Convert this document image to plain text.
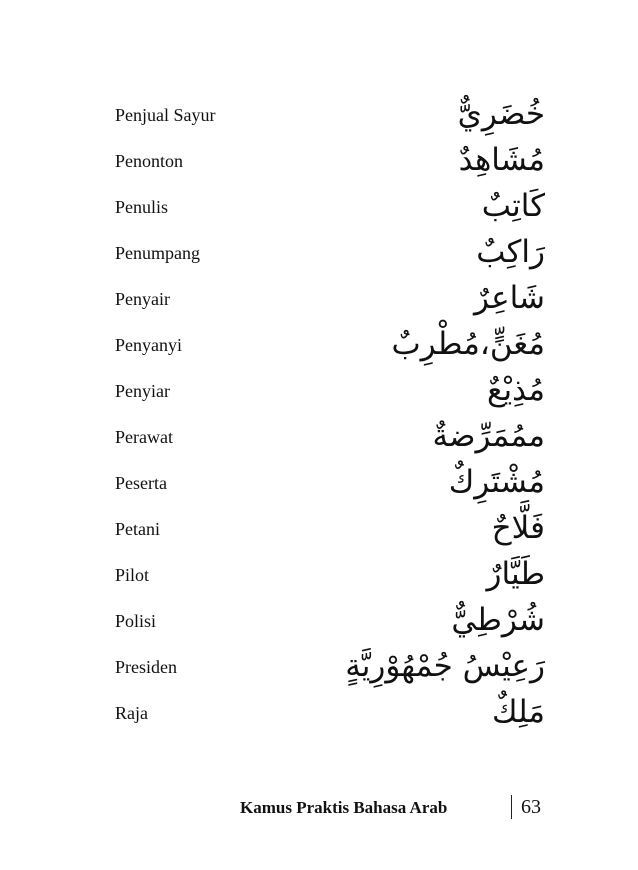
Penjual Sayur	خُضَرِيٌّ
Penonton	مُشَاهِدٌ
Penulis	كَاتِبٌ
Penumpang	رَاكِبٌ
Penyair	شَاعِرٌ
Penyanyi	مُغَنٍّ،مُطْرِبٌ
Penyiar	مُذِيْعٌ
Perawat	ممُمَرِّضةٌ
Peserta	مُشْتَرِكٌ
Petani	فَلَّاحٌ
Pilot	طَيَّارٌ
Polisi	شُرْطِيٌّ
Presiden	رَعِيْسُ جُمْهُوْرِيَّةٍ
Raja	مَلِكٌ
Kamus Praktis Bahasa Arab	63
